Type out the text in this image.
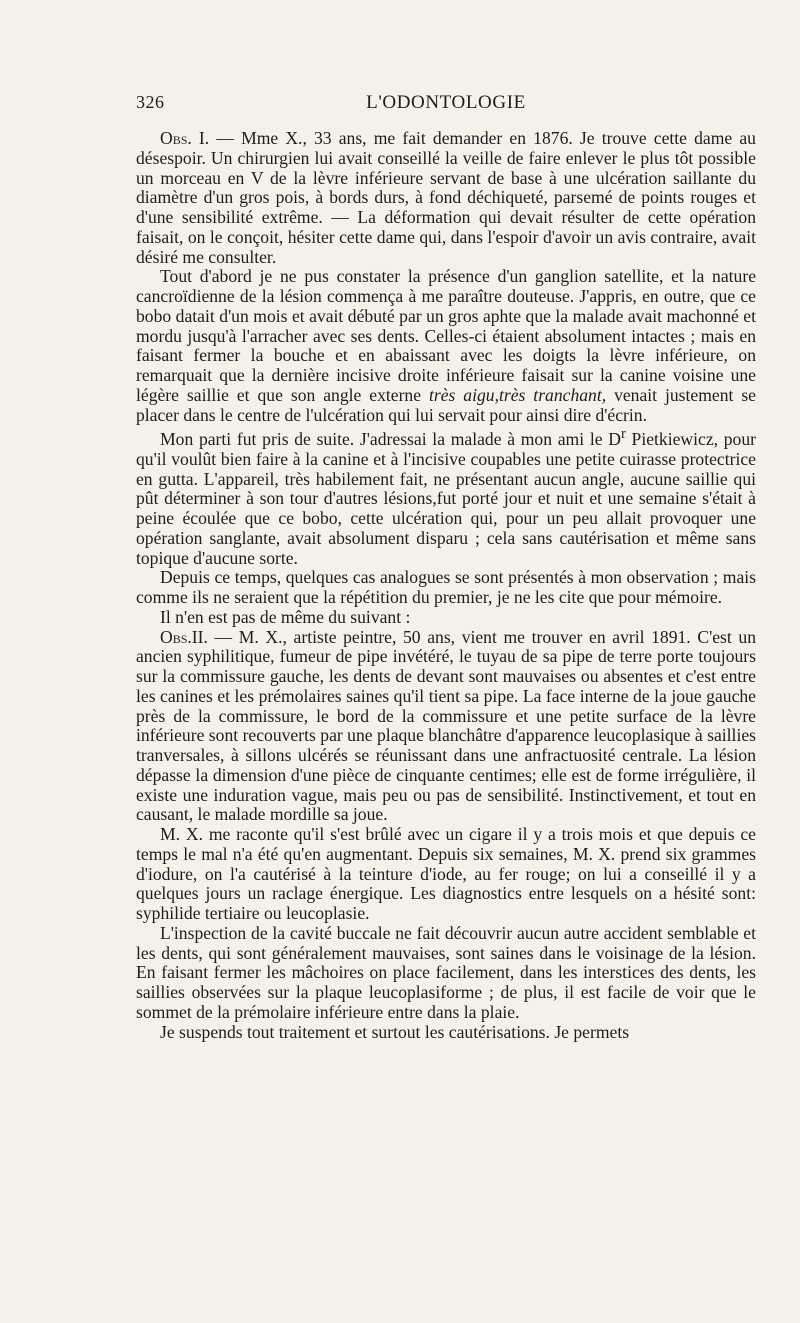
326	L'ODONTOLOGIE

Obs. I. — Mme X., 33 ans, me fait demander en 1876. Je trouve cette dame au désespoir. Un chirurgien lui avait conseillé la veille de faire enlever le plus tôt possible un morceau en V de la lèvre inférieure servant de base à une ulcération saillante du diamètre d'un gros pois, à bords durs, à fond déchiqueté, parsemé de points rouges et d'une sensibilité extrême. — La déformation qui devait résulter de cette opération faisait, on le conçoit, hésiter cette dame qui, dans l'espoir d'avoir un avis contraire, avait désiré me consulter.

Tout d'abord je ne pus constater la présence d'un ganglion satellite, et la nature cancroïdienne de la lésion commença à me paraître douteuse. J'appris, en outre, que ce bobo datait d'un mois et avait débuté par un gros aphte que la malade avait machonné et mordu jusqu'à l'arracher avec ses dents. Celles-ci étaient absolument intactes ; mais en faisant fermer la bouche et en abaissant avec les doigts la lèvre inférieure, on remarquait que la dernière incisive droite inférieure faisait sur la canine voisine une légère saillie et que son angle externe très aigu,très tranchant, venait justement se placer dans le centre de l'ulcération qui lui servait pour ainsi dire d'écrin.

Mon parti fut pris de suite. J'adressai la malade à mon ami le $D^r$ Pietkiewicz, pour qu'il voulût bien faire à la canine et à l'incisive coupables une petite cuirasse protectrice en gutta. L'appareil, très habilement fait, ne présentant aucun angle, aucune saillie qui pût déterminer à son tour d'autres lésions,fut porté jour et nuit et une semaine s'était à peine écoulée que ce bobo, cette ulcération qui, pour un peu allait provoquer une opération sanglante, avait absolument disparu ; cela sans cautérisation et même sans topique d'aucune sorte.

Depuis ce temps, quelques cas analogues se sont présentés à mon observation ; mais comme ils ne seraient que la répétition du premier, je ne les cite que pour mémoire.

Il n'en est pas de même du suivant :

Obs.II. — M. X., artiste peintre, 50 ans, vient me trouver en avril 1891. C'est un ancien syphilitique, fumeur de pipe invétéré, le tuyau de sa pipe de terre porte toujours sur la commissure gauche, les dents de devant sont mauvaises ou absentes et c'est entre les canines et les prémolaires saines qu'il tient sa pipe. La face interne de la joue gauche près de la commissure, le bord de la commissure et une petite surface de la lèvre inférieure sont recouverts par une plaque blanchâtre d'apparence leucoplasique à saillies tranversales, à sillons ulcérés se réunissant dans une anfractuosité centrale. La lésion dépasse la dimension d'une pièce de cinquante centimes; elle est de forme irrégulière, il existe une induration vague, mais peu ou pas de sensibilité. Instinctivement, et tout en causant, le malade mordille sa joue.

M. X. me raconte qu'il s'est brûlé avec un cigare il y a trois mois et que depuis ce temps le mal n'a été qu'en augmentant. Depuis six semaines, M. X. prend six grammes d'iodure, on l'a cautérisé à la teinture d'iode, au fer rouge; on lui a conseillé il y a quelques jours un raclage énergique. Les diagnostics entre lesquels on a hésité sont: syphilide tertiaire ou leucoplasie.

L'inspection de la cavité buccale ne fait découvrir aucun autre accident semblable et les dents, qui sont généralement mauvaises, sont saines dans le voisinage de la lésion. En faisant fermer les mâchoires on place facilement, dans les interstices des dents, les saillies observées sur la plaque leucoplasiforme ; de plus, il est facile de voir que le sommet de la prémolaire inférieure entre dans la plaie.

Je suspends tout traitement et surtout les cautérisations. Je permets
